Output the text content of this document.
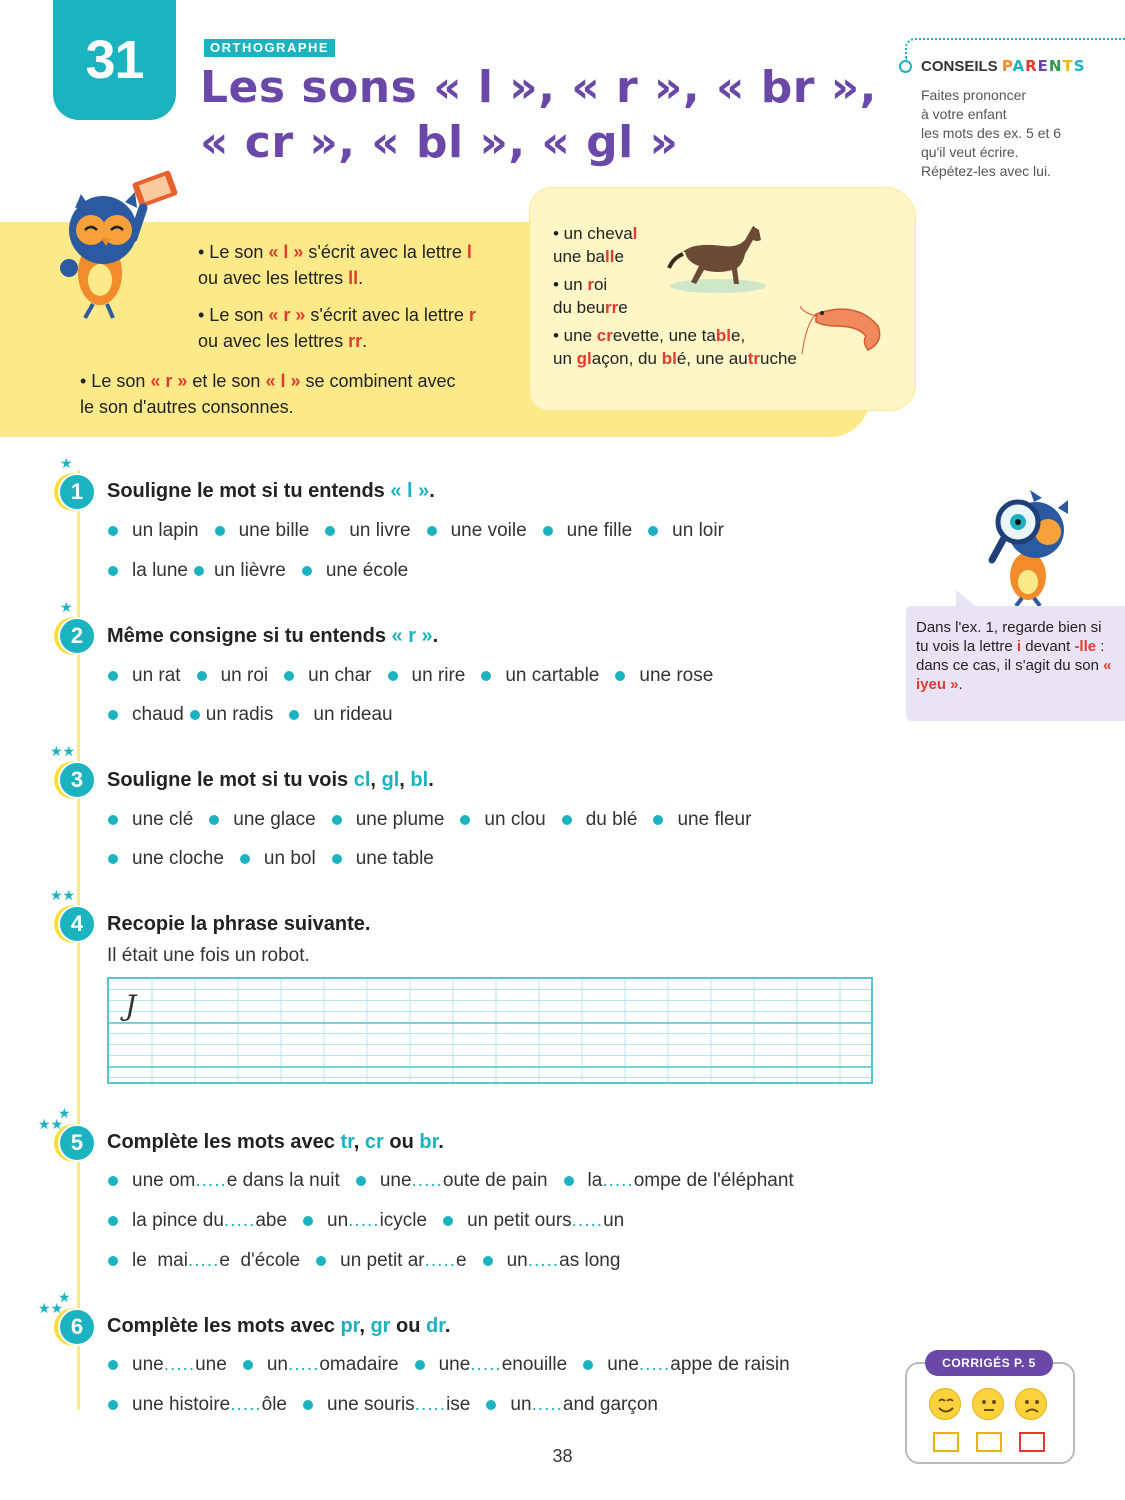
31	ORTHOGRAPHE
Les sons « l », « r », « br »,
« cr », « bl », « gl »
CONSEILS PARENTS
Faites prononcer
à votre enfant
les mots des ex. 5 et 6
qu'il veut écrire.
Répétez-les avec lui.
• Le son « l » s'écrit avec la lettre l
ou avec les lettres ll.
• Le son « r » s'écrit avec la lettre r
ou avec les lettres rr.
• Le son « r » et le son « l » se combinent avec
le son d'autres consonnes.
• un cheval
une balle
• un roi
du beurre
• une crevette, une table,
un glaçon, du blé, une autruche
★
1	Souligne le mot si tu entends « l ».
un lapin une bille un livre une voile une fille un loir
la lune un lièvre une école
★
2	Même consigne si tu entends « r ».
un rat un roi un char un rire un cartable une rose
chaud un radis un rideau
★★
3	Souligne le mot si tu vois cl, gl, bl.
une clé une glace une plume un clou du blé une fleur
une cloche un bol une table
★★
4	Recopie la phrase suivante.
Il était une fois un robot.
J
★
★★
5	Complète les mots avec tr, cr ou br.
une om ..... e dans la nuit une ..... oute de pain la ..... ompe de l'éléphant
la pince du ..... abe un ..... icycle un petit ours ..... un
le  mai ..... e  d'école un petit ar ..... e un ..... as long
★
★★
6	Complète les mots avec pr, gr ou dr.
une ..... une un ..... omadaire une ..... enouille une ..... appe de raisin
une histoire ..... ôle une souris ..... ise un ..... and garçon
Dans l'ex. 1, regarde bien si tu vois la lettre i devant -lle : dans ce cas, il s'agit du son « iyeu ».
CORRIGÉS P. 5
38
